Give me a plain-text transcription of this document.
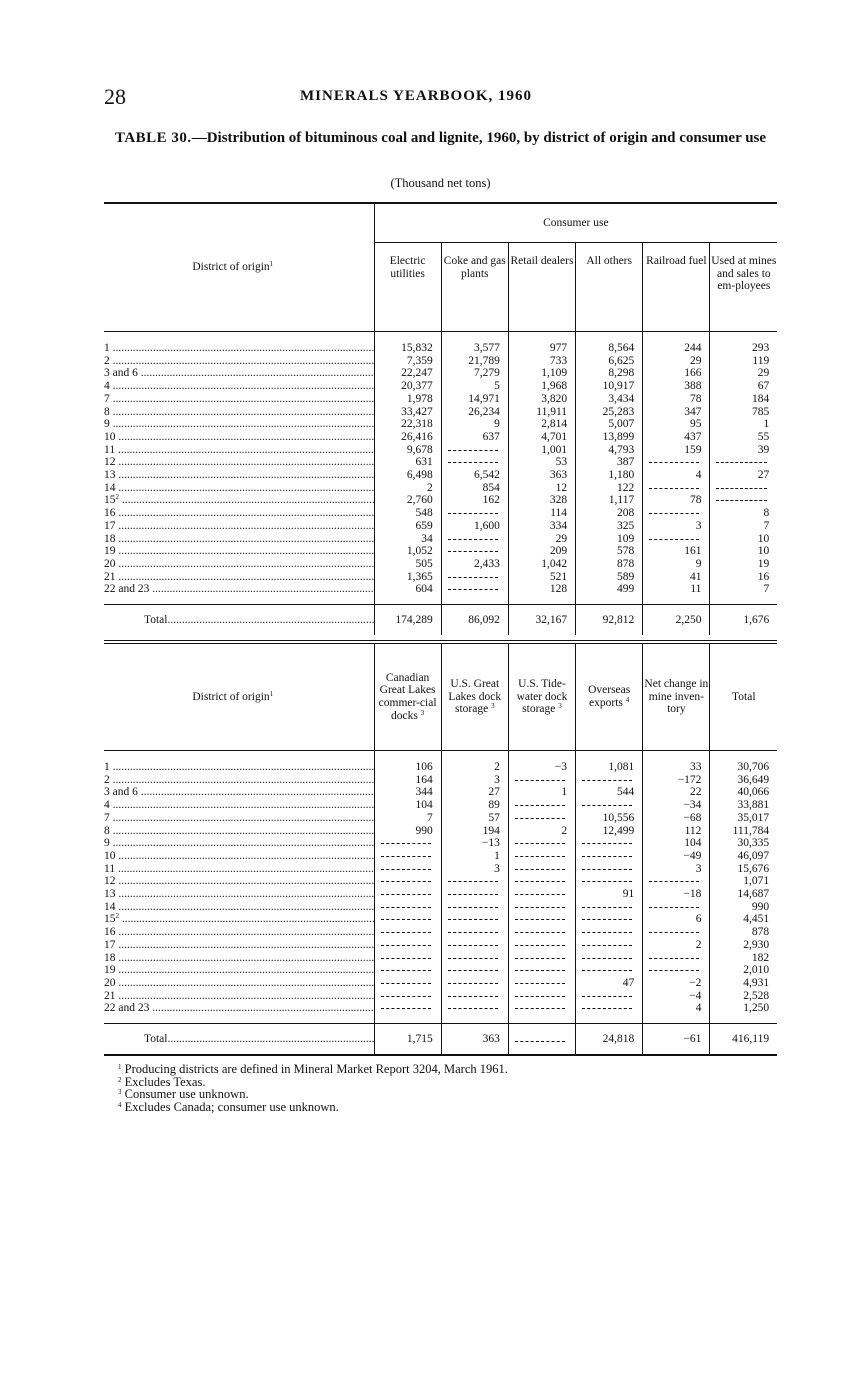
28	MINERALS YEARBOOK, 1960
TABLE 30.—Distribution of bituminous coal and lignite, 1960, by district of origin and consumer use
(Thousand net tons)
District of origin$^1$	Consumer use					
	Electric utilities	Coke and gas plants	Retail dealers	All others	Railroad fuel	Used at mines and sales to em-ployees

1 .....	15,832	3,577	977	8,564	244	293

2 .....	7,359	21,789	733	6,625	29	119

3 and 6 .....	22,247	7,279	1,109	8,298	166	29

4 .....	20,377	5	1,968	10,917	388	67

7 .....	1,978	14,971	3,820	3,434	78	184

8 .....	33,427	26,234	11,911	25,283	347	785

9 .....	22,318	9	2,814	5,007	95	1

10 .....	26,416	637	4,701	13,899	437	55

11 .....	9,678		1,001	4,793	159	39

12 .....	631		53	387	

13 .....	6,498	6,542	363	1,180	4	27

14 .....	2	854	12	122	

$15^2$ .....	2,760	162	328	1,117	78	

16 .....	548		114	208		8

17 .....	659	1,600	334	325	3	7

18 .....	34		29	109		10

19 .....	1,052		209	578	161	10

20 .....	505	2,433	1,042	878	9	19

21 .....	1,365		521	589	41	16

22 and 23 .....	604		128	499	11	7

Total .....	174,289	86,092	32,167	92,812	2,250	1,676
District of origin$^1$	Canadian Great Lakes commer-cial docks $^3$	U.S. Great Lakes dock storage $^3$	U.S. Tide-water dock storage $^3$	Overseas exports $^4$	Net change in mine inven-tory	Total

1 .....	106	2	−3	1,081	33	30,706

2 .....	164	3			−172	36,649

3 and 6 .....	344	27	1	544	22	40,066

4 .....	104	89			−34	33,881

7 .....	7	57		10,556	−68	35,017

8 .....	990	194	2	12,499	112	111,784

9 .....		−13			104	30,335

10 .....		1			−49	46,097

11 .....		3			3	15,676

12 .....						1,071

13 .....				91	−18	14,687

14 .....						990

$15^2$ .....					6	4,451

16 .....						878

17 .....					2	2,930

18 .....						182

19 .....						2,010

20 .....				47	−2	4,931

21 .....					−4	2,528

22 and 23 .....					4	1,250

Total .....	1,715	363		24,818	−61	416,119
$^1$ Producing districts are defined in Mineral Market Report 3204, March 1961.
$^2$ Excludes Texas.
$^3$ Consumer use unknown.
$^4$ Excludes Canada; consumer use unknown.
